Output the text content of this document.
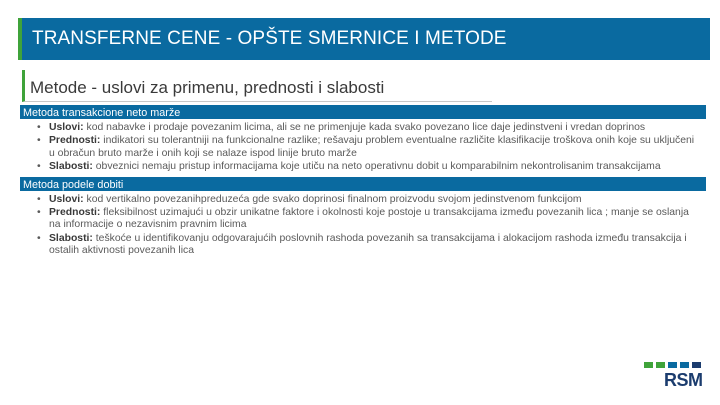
TRANSFERNE CENE - OPŠTE SMERNICE I METODE
Metode - uslovi za primenu, prednosti i slabosti
Metoda transakcione neto marže
• Uslovi: kod nabavke i prodaje povezanim licima, ali se ne primenjuje kada svako povezano lice daje jedinstveni i vredan doprinos
• Prednosti: indikatori su tolerantniji na funkcionalne razlike; rešavaju problem eventualne različite klasifikacije troškova onih koje su uključeni u obračun bruto marže i onih koji se nalaze ispod linije bruto marže
• Slabosti: obveznici nemaju pristup informacijama koje utiču na neto operativnu dobit u komparabilnim nekontrolisanim transakcijama
Metoda podele dobiti
• Uslovi: kod vertikalno povezanihpreduzeća gde svako doprinosi finalnom proizvodu svojom jedinstvenom funkcijom
• Prednosti: fleksibilnost uzimajući u obzir unikatne faktore i okolnosti koje postoje u transakcijama između povezanih lica ; manje se oslanja na informacije o nezavisnim pravnim licima
• Slabosti: teškoće u identifikovanju odgovarajućih poslovnih rashoda povezanih sa transakcijama i alokacijom rashoda između transakcija i ostalih aktivnosti povezanih lica
RSM
